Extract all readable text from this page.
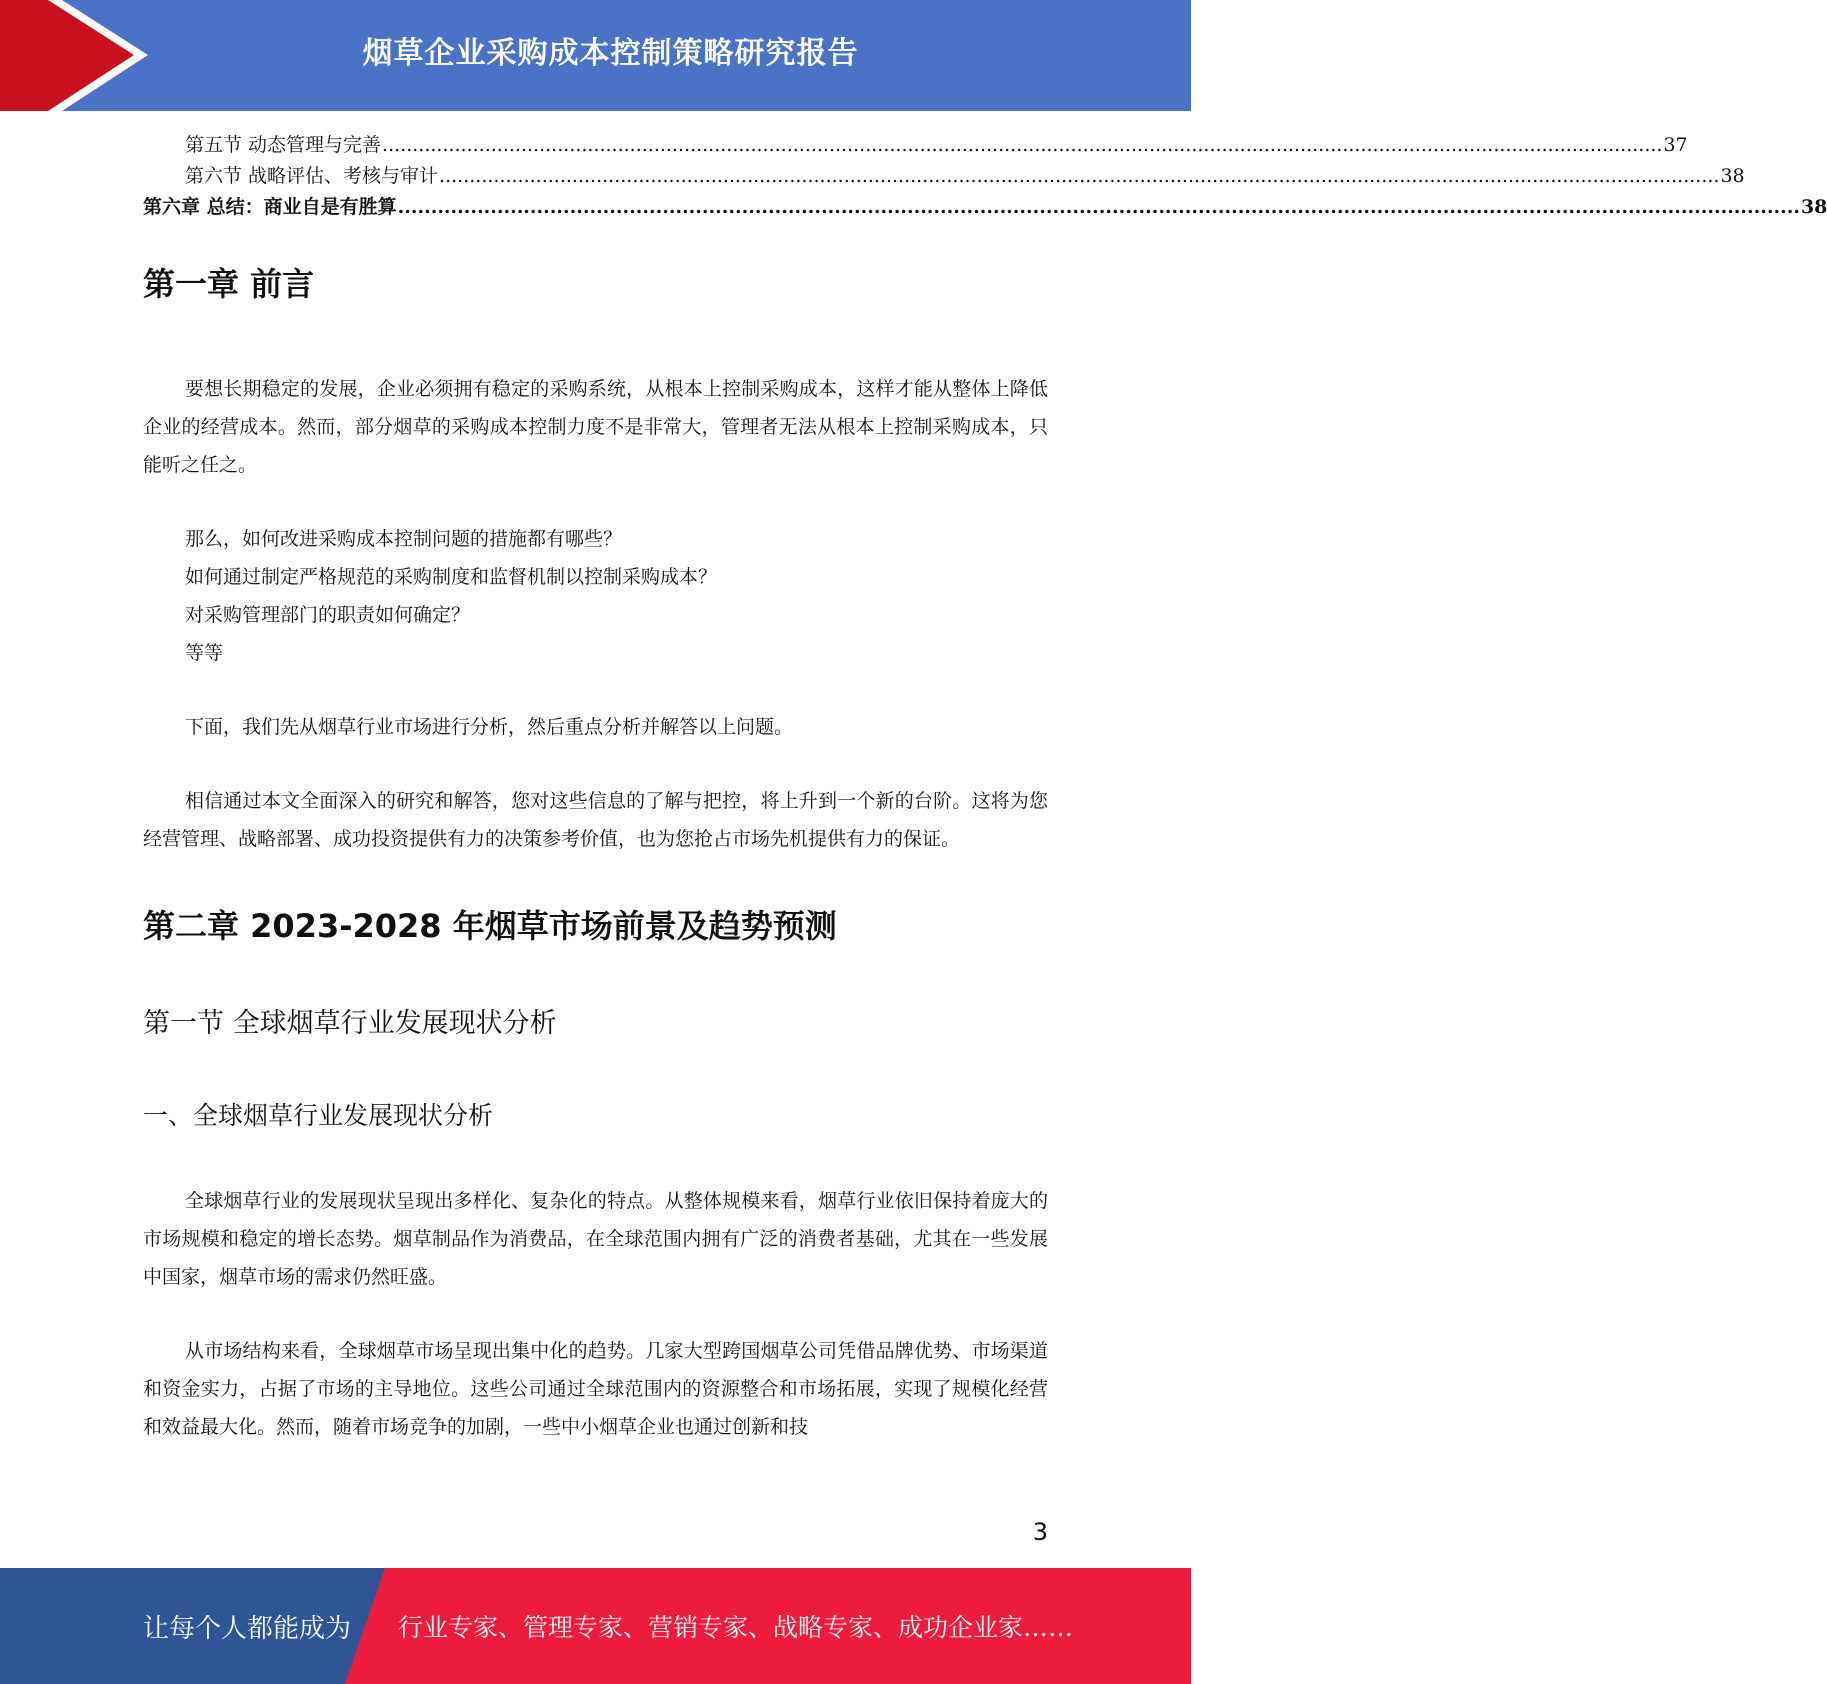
烟草企业采购成本控制策略研究报告
第五节 动态管理与完善 .................................................................................................................................................................................................................... 37
第六节 战略评估、考核与审计 .................................................................................................................................................................................................................... 38
第六章 总结：商业自是有胜算 .................................................................................................................................................................................................................... 38
第一章 前言

要想长期稳定的发展，企业必须拥有稳定的采购系统，从根本上控制采购成本，这样才能从整体上降低企业的经营成本。然而，部分烟草的采购成本控制力度不是非常大，管理者无法从根本上控制采购成本，只能听之任之。

那么，如何改进采购成本控制问题的措施都有哪些？
如何通过制定严格规范的采购制度和监督机制以控制采购成本？
对采购管理部门的职责如何确定？
等等

下面，我们先从烟草行业市场进行分析，然后重点分析并解答以上问题。

相信通过本文全面深入的研究和解答，您对这些信息的了解与把控，将上升到一个新的台阶。这将为您经营管理、战略部署、成功投资提供有力的决策参考价值，也为您抢占市场先机提供有力的保证。

第二章 2023-2028 年烟草市场前景及趋势预测
第一节 全球烟草行业发展现状分析
一、全球烟草行业发展现状分析

全球烟草行业的发展现状呈现出多样化、复杂化的特点。从整体规模来看，烟草行业依旧保持着庞大的市场规模和稳定的增长态势。烟草制品作为消费品，在全球范围内拥有广泛的消费者基础，尤其在一些发展中国家，烟草市场的需求仍然旺盛。

从市场结构来看，全球烟草市场呈现出集中化的趋势。几家大型跨国烟草公司凭借品牌优势、市场渠道和资金实力，占据了市场的主导地位。这些公司通过全球范围内的资源整合和市场拓展，实现了规模化经营和效益最大化。然而，随着市场竞争的加剧，一些中小烟草企业也通过创新和技

3
让每个人都能成为 行业专家、管理专家、营销专家、战略专家、成功企业家……
